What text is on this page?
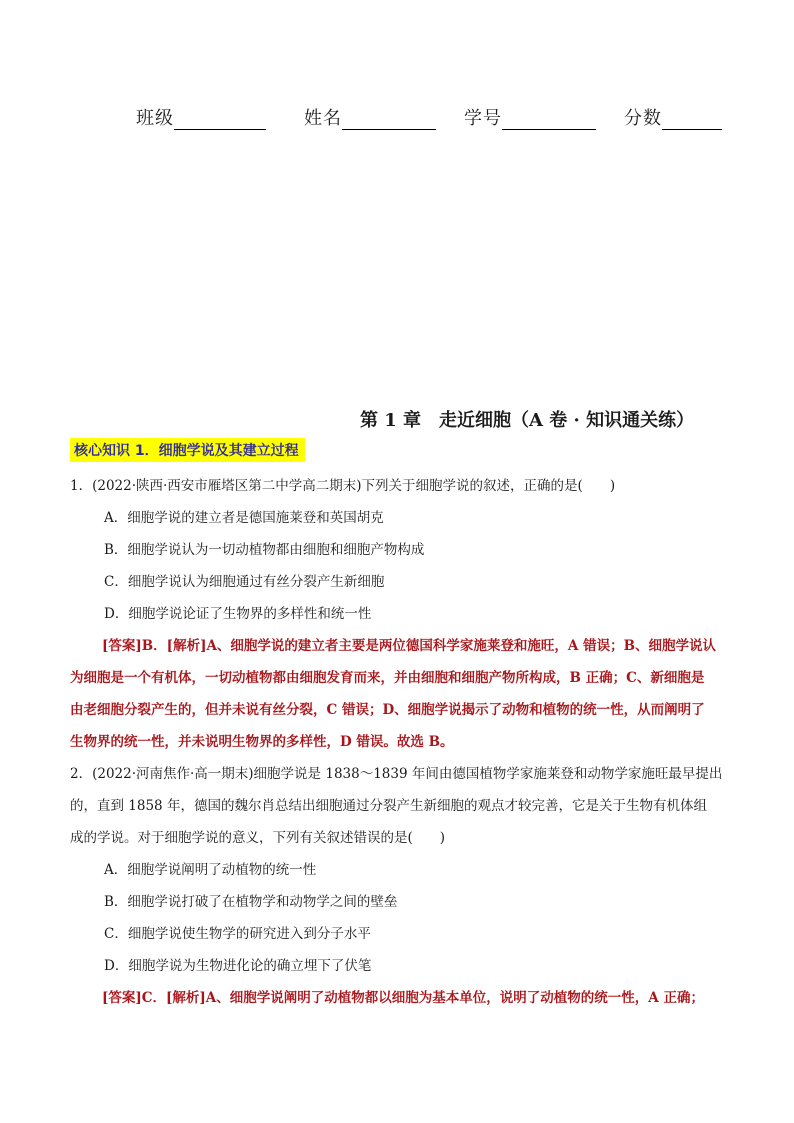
班级	姓名	学号	分数
第 1 章　走近细胞（A 卷 · 知识通关练）
核心知识 1．细胞学说及其建立过程
1．(2022·陕西·西安市雁塔区第二中学高二期末)下列关于细胞学说的叙述，正确的是(　　)
A．细胞学说的建立者是德国施莱登和英国胡克
B．细胞学说认为一切动植物都由细胞和细胞产物构成
C．细胞学说认为细胞通过有丝分裂产生新细胞
D．细胞学说论证了生物界的多样性和统一性
[答案]B．[解析]A、细胞学说的建立者主要是两位德国科学家施莱登和施旺，A 错误；B、细胞学说认
为细胞是一个有机体，一切动植物都由细胞发育而来，并由细胞和细胞产物所构成，B 正确；C、新细胞是
由老细胞分裂产生的，但并未说有丝分裂，C 错误；D、细胞学说揭示了动物和植物的统一性，从而阐明了
生物界的统一性，并未说明生物界的多样性，D 错误。故选 B。
2．(2022·河南焦作·高一期末)细胞学说是 1838～1839 年间由德国植物学家施莱登和动物学家施旺最早提出
的，直到 1858 年，德国的魏尔肖总结出细胞通过分裂产生新细胞的观点才较完善，它是关于生物有机体组
成的学说。对于细胞学说的意义，下列有关叙述错误的是(　　)
A．细胞学说阐明了动植物的统一性
B．细胞学说打破了在植物学和动物学之间的壁垒
C．细胞学说使生物学的研究进入到分子水平
D．细胞学说为生物进化论的确立埋下了伏笔
[答案]C．[解析]A、细胞学说阐明了动植物都以细胞为基本单位，说明了动植物的统一性，A 正确；
